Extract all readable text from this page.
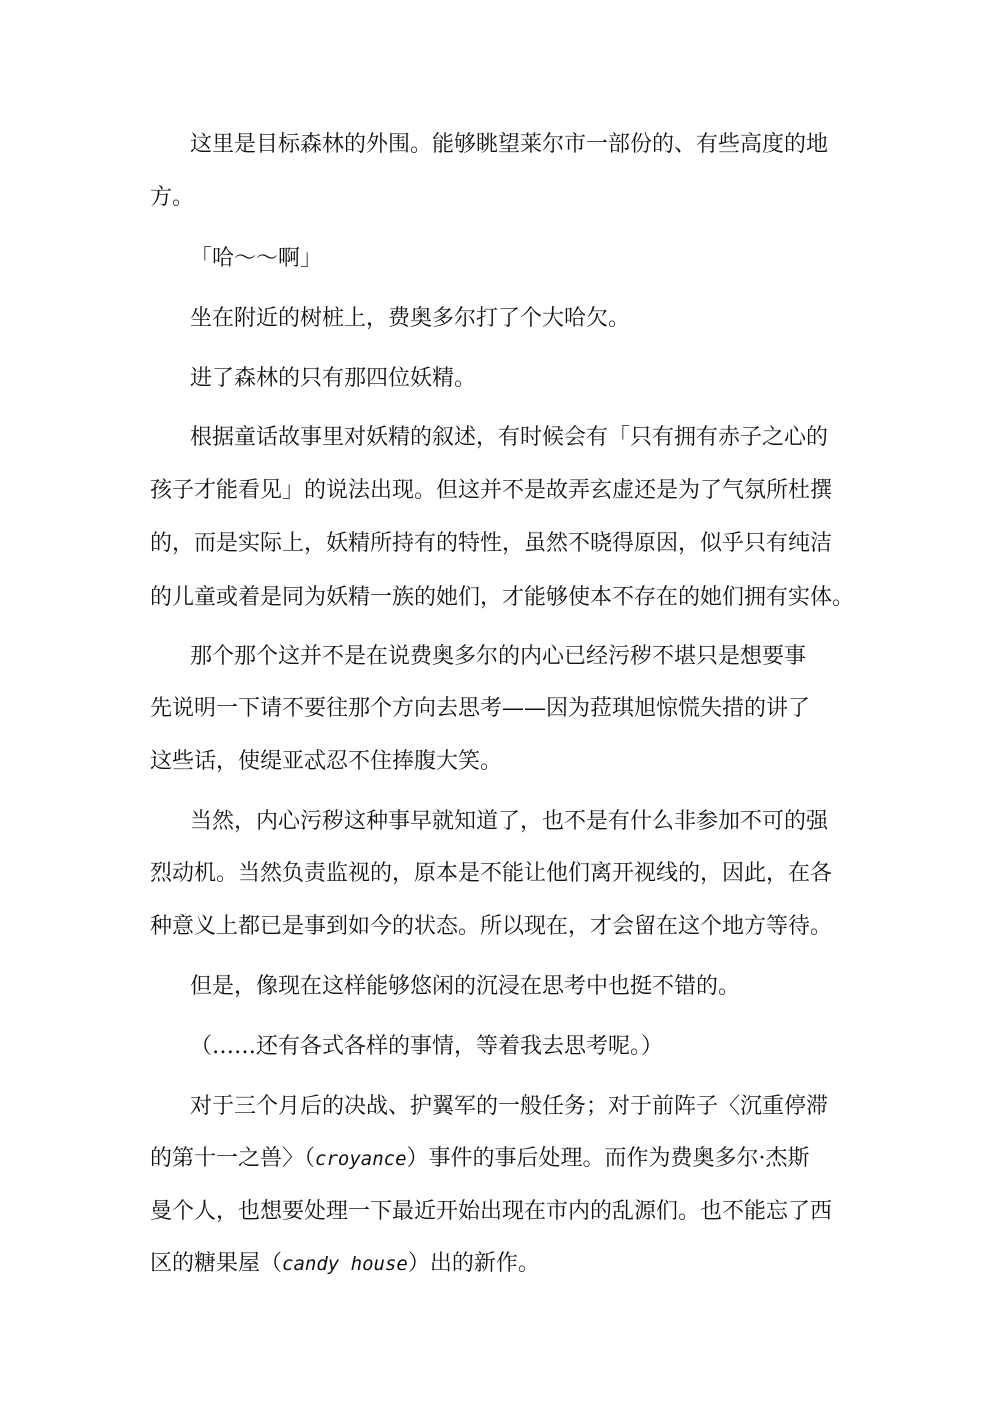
这里是目标森林的外围。能够眺望莱尔市一部份的、有些高度的地
方。
「哈～～啊」
坐在附近的树桩上，费奥多尔打了个大哈欠。
进了森林的只有那四位妖精。
根据童话故事里对妖精的叙述，有时候会有「只有拥有赤子之心的
孩子才能看见」的说法出现。但这并不是故弄玄虚还是为了气氛所杜撰
的，而是实际上，妖精所持有的特性，虽然不晓得原因，似乎只有纯洁
的儿童或着是同为妖精一族的她们，才能够使本不存在的她们拥有实体。
那个那个这并不是在说费奥多尔的内心已经污秽不堪只是想要事
先说明一下请不要往那个方向去思考——因为菈琪旭惊慌失措的讲了
这些话，使缇亚忒忍不住捧腹大笑。
当然，内心污秽这种事早就知道了，也不是有什么非参加不可的强
烈动机。当然负责监视的，原本是不能让他们离开视线的，因此，在各
种意义上都已是事到如今的状态。所以现在，才会留在这个地方等待。
但是，像现在这样能够悠闲的沉浸在思考中也挺不错的。
（……还有各式各样的事情，等着我去思考呢。）
对于三个月后的决战、护翼军的一般任务；对于前阵子〈沉重停滞
的第十一之兽〉（croyance）事件的事后处理。而作为费奥多尔·杰斯
曼个人，也想要处理一下最近开始出现在市内的乱源们。也不能忘了西
区的糖果屋（candy house）出的新作。
